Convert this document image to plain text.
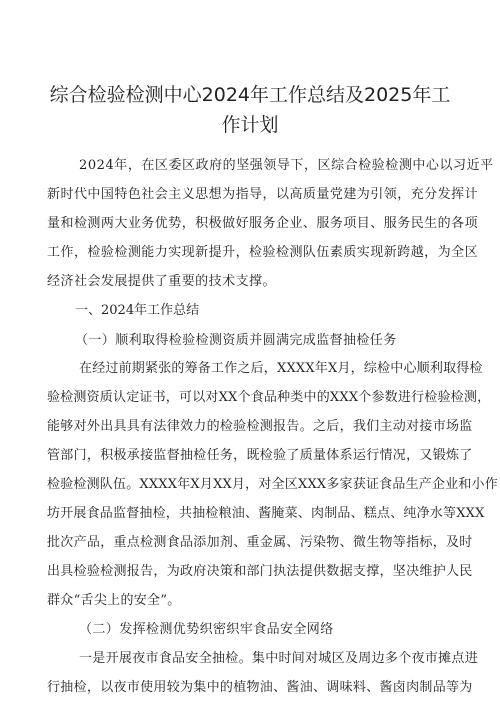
综合检验检测中心2024年工作总结及2025年工
作计划
2024年，在区委区政府的坚强领导下，区综合检验检测中心以习近平
新时代中国特色社会主义思想为指导，以高质量党建为引领，充分发挥计
量和检测两大业务优势，积极做好服务企业、服务项目、服务民生的各项
工作，检验检测能力实现新提升，检验检测队伍素质实现新跨越，为全区
经济社会发展提供了重要的技术支撑。
一、2024年工作总结
（一）顺利取得检验检测资质并圆满完成监督抽检任务
在经过前期紧张的筹备工作之后，XXXX年X月，综检中心顺利取得检
验检测资质认定证书，可以对XX个食品种类中的XXX个参数进行检验检测，
能够对外出具具有法律效力的检验检测报告。之后，我们主动对接市场监
管部门，积极承接监督抽检任务，既检验了质量体系运行情况，又锻炼了
检验检测队伍。XXXX年X月XX月，对全区XXX多家获证食品生产企业和小作
坊开展食品监督抽检，共抽检粮油、酱腌菜、肉制品、糕点、纯净水等XXX
批次产品，重点检测食品添加剂、重金属、污染物、微生物等指标，及时
出具检验检测报告，为政府决策和部门执法提供数据支撑，坚决维护人民
群众“舌尖上的安全”。
（二）发挥检测优势织密织牢食品安全网络
一是开展夜市食品安全抽检。集中时间对城区及周边多个夜市摊点进
行抽检，以夜市使用较为集中的植物油、酱油、调味料、酱卤肉制品等为
